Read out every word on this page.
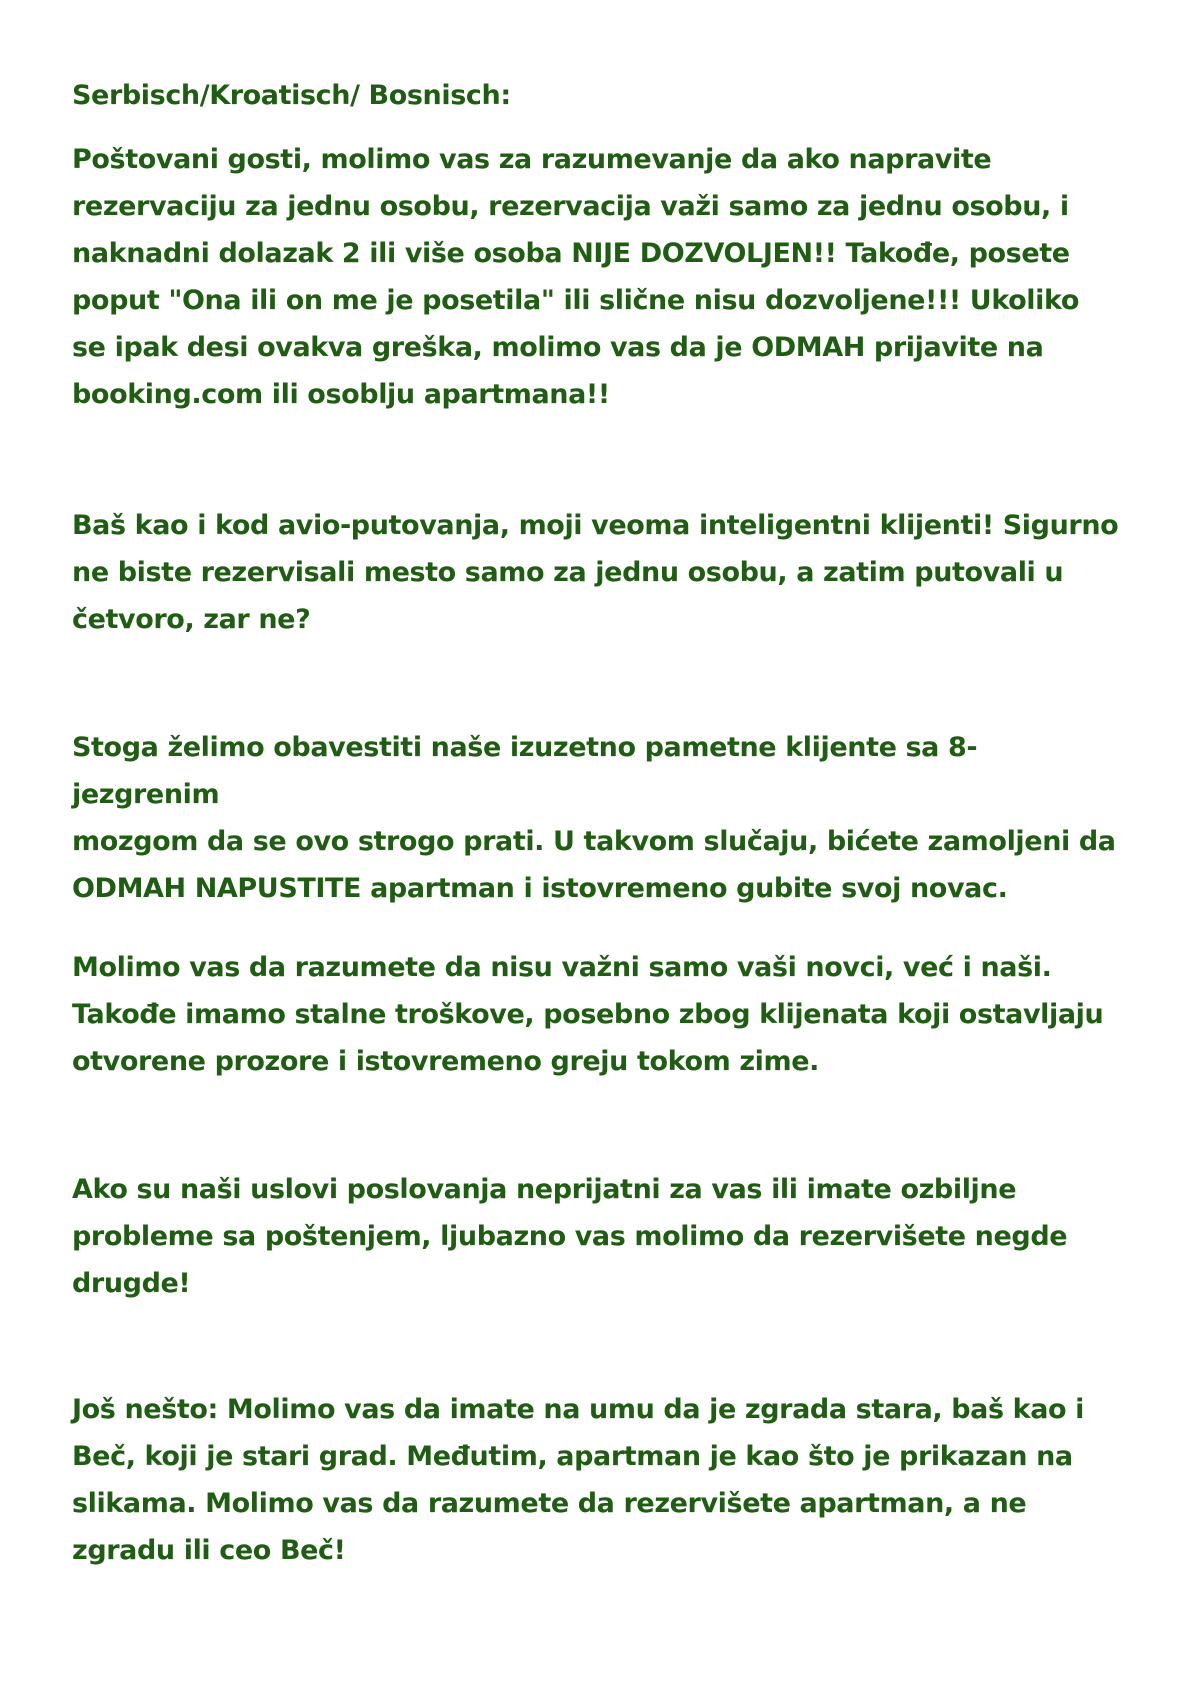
Serbisch/Kroatisch/ Bosnisch:

Poštovani gosti, molimo vas za razumevanje da ako napravite
rezervaciju za jednu osobu, rezervacija važi samo za jednu osobu, i
naknadni dolazak 2 ili više osoba NIJE DOZVOLJEN!! Takođe, posete
poput "Ona ili on me je posetila" ili slične nisu dozvoljene!!! Ukoliko
se ipak desi ovakva greška, molimo vas da je ODMAH prijavite na
booking.com ili osoblju apartmana!!

Baš kao i kod avio-putovanja, moji veoma inteligentni klijenti! Sigurno
ne biste rezervisali mesto samo za jednu osobu, a zatim putovali u
četvoro, zar ne?

Stoga želimo obavestiti naše izuzetno pametne klijente sa 8-jezgrenim
mozgom da se ovo strogo prati. U takvom slučaju, bićete zamoljeni da
ODMAH NAPUSTITE apartman i istovremeno gubite svoj novac.

Molimo vas da razumete da nisu važni samo vaši novci, već i naši.
Takođe imamo stalne troškove, posebno zbog klijenata koji ostavljaju
otvorene prozore i istovremeno greju tokom zime.

Ako su naši uslovi poslovanja neprijatni za vas ili imate ozbiljne
probleme sa poštenjem, ljubazno vas molimo da rezervišete negde
drugde!

Još nešto: Molimo vas da imate na umu da je zgrada stara, baš kao i
Beč, koji je stari grad. Međutim, apartman je kao što je prikazan na
slikama. Molimo vas da razumete da rezervišete apartman, a ne
zgradu ili ceo Beč!
